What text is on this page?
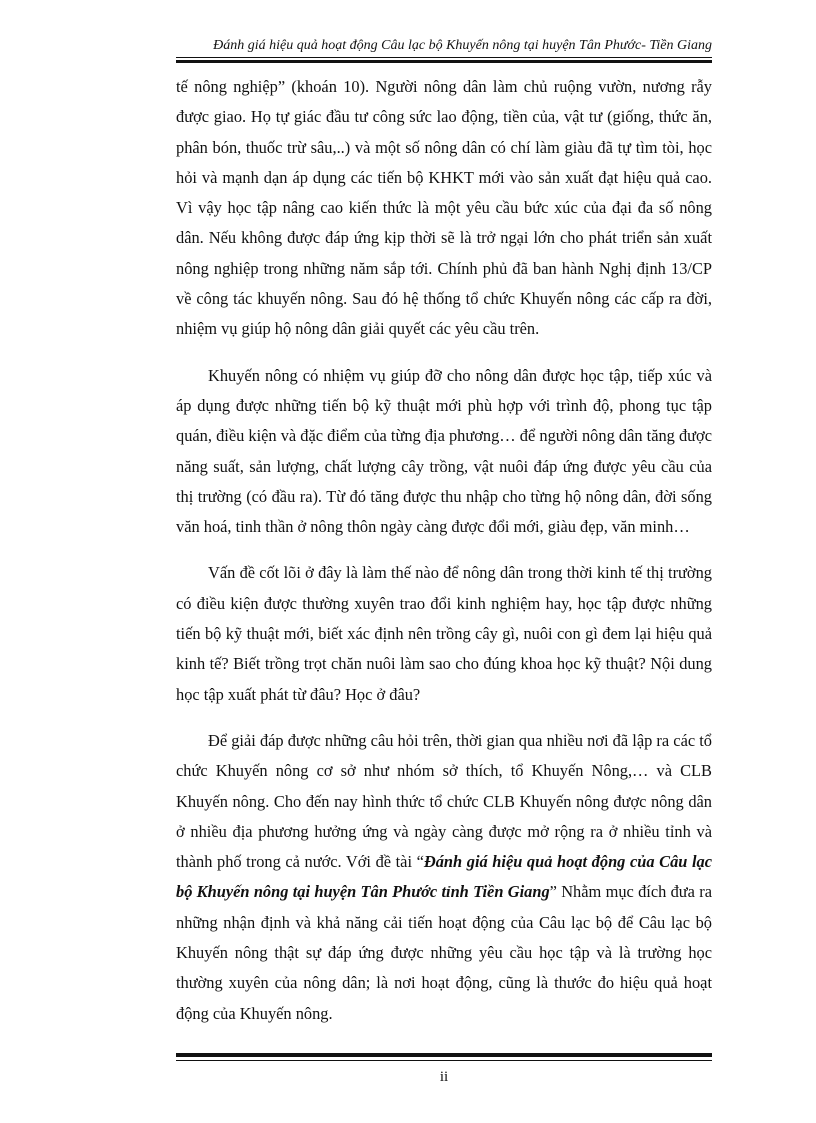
Đánh giá hiệu quả hoạt động Câu lạc bộ Khuyến nông tại huyện Tân Phước- Tiền Giang

tế nông nghiệp” (khoán 10). Người nông dân làm chủ ruộng vườn, nương rẫy được giao. Họ tự giác đầu tư công sức lao động, tiền của, vật tư (giống, thức ăn, phân bón, thuốc trừ sâu,..) và một số nông dân có chí làm giàu đã tự tìm tòi, học hỏi và mạnh dạn áp dụng các tiến bộ KHKT mới vào sản xuất đạt hiệu quả cao. Vì vậy học tập nâng cao kiến thức là một yêu cầu bức xúc của đại đa số nông dân. Nếu không được đáp ứng kịp thời sẽ là trở ngại lớn cho phát triển sản xuất nông nghiệp trong những năm sắp tới. Chính phủ đã ban hành Nghị định 13/CP về công tác khuyến nông. Sau đó hệ thống tổ chức Khuyến nông các cấp ra đời, nhiệm vụ giúp hộ nông dân giải quyết các yêu cầu trên.

Khuyến nông có nhiệm vụ giúp đỡ cho nông dân được học tập, tiếp xúc và áp dụng được những tiến bộ kỹ thuật mới phù hợp với trình độ, phong tục tập quán, điều kiện và đặc điểm của từng địa phương… để người nông dân tăng được năng suất, sản lượng, chất lượng cây trồng, vật nuôi đáp ứng được yêu cầu của thị trường (có đầu ra). Từ đó tăng được thu nhập cho từng hộ nông dân, đời sống văn hoá, tinh thần ở nông thôn ngày càng được đổi mới, giàu đẹp, văn minh…

Vấn đề cốt lõi ở đây là làm thế nào để nông dân trong thời kinh tế thị trường có điều kiện được thường xuyên trao đổi kinh nghiệm hay, học tập được những tiến bộ kỹ thuật mới, biết xác định nên trồng cây gì, nuôi con gì đem lại hiệu quả kinh tế? Biết trồng trọt chăn nuôi làm sao cho đúng khoa học kỹ thuật? Nội dung học tập xuất phát từ đâu? Học ở đâu?

Để giải đáp được những câu hỏi trên, thời gian qua nhiều nơi đã lập ra các tổ chức Khuyến nông cơ sở như nhóm sở thích, tổ Khuyến Nông,… và CLB Khuyến nông. Cho đến nay hình thức tổ chức CLB Khuyến nông được nông dân ở nhiều địa phương hưởng ứng và ngày càng được mở rộng ra ở nhiều tỉnh và thành phố trong cả nước. Với đề tài “Đánh giá hiệu quả hoạt động của Câu lạc bộ Khuyến nông tại huyện Tân Phước tỉnh Tiền Giang” Nhằm mục đích đưa ra những nhận định và khả năng cải tiến hoạt động của Câu lạc bộ để Câu lạc bộ Khuyến nông thật sự đáp ứng được những yêu cầu học tập và là trường học thường xuyên của nông dân; là nơi hoạt động, cũng là thước đo hiệu quả hoạt động của Khuyến nông.

ii
